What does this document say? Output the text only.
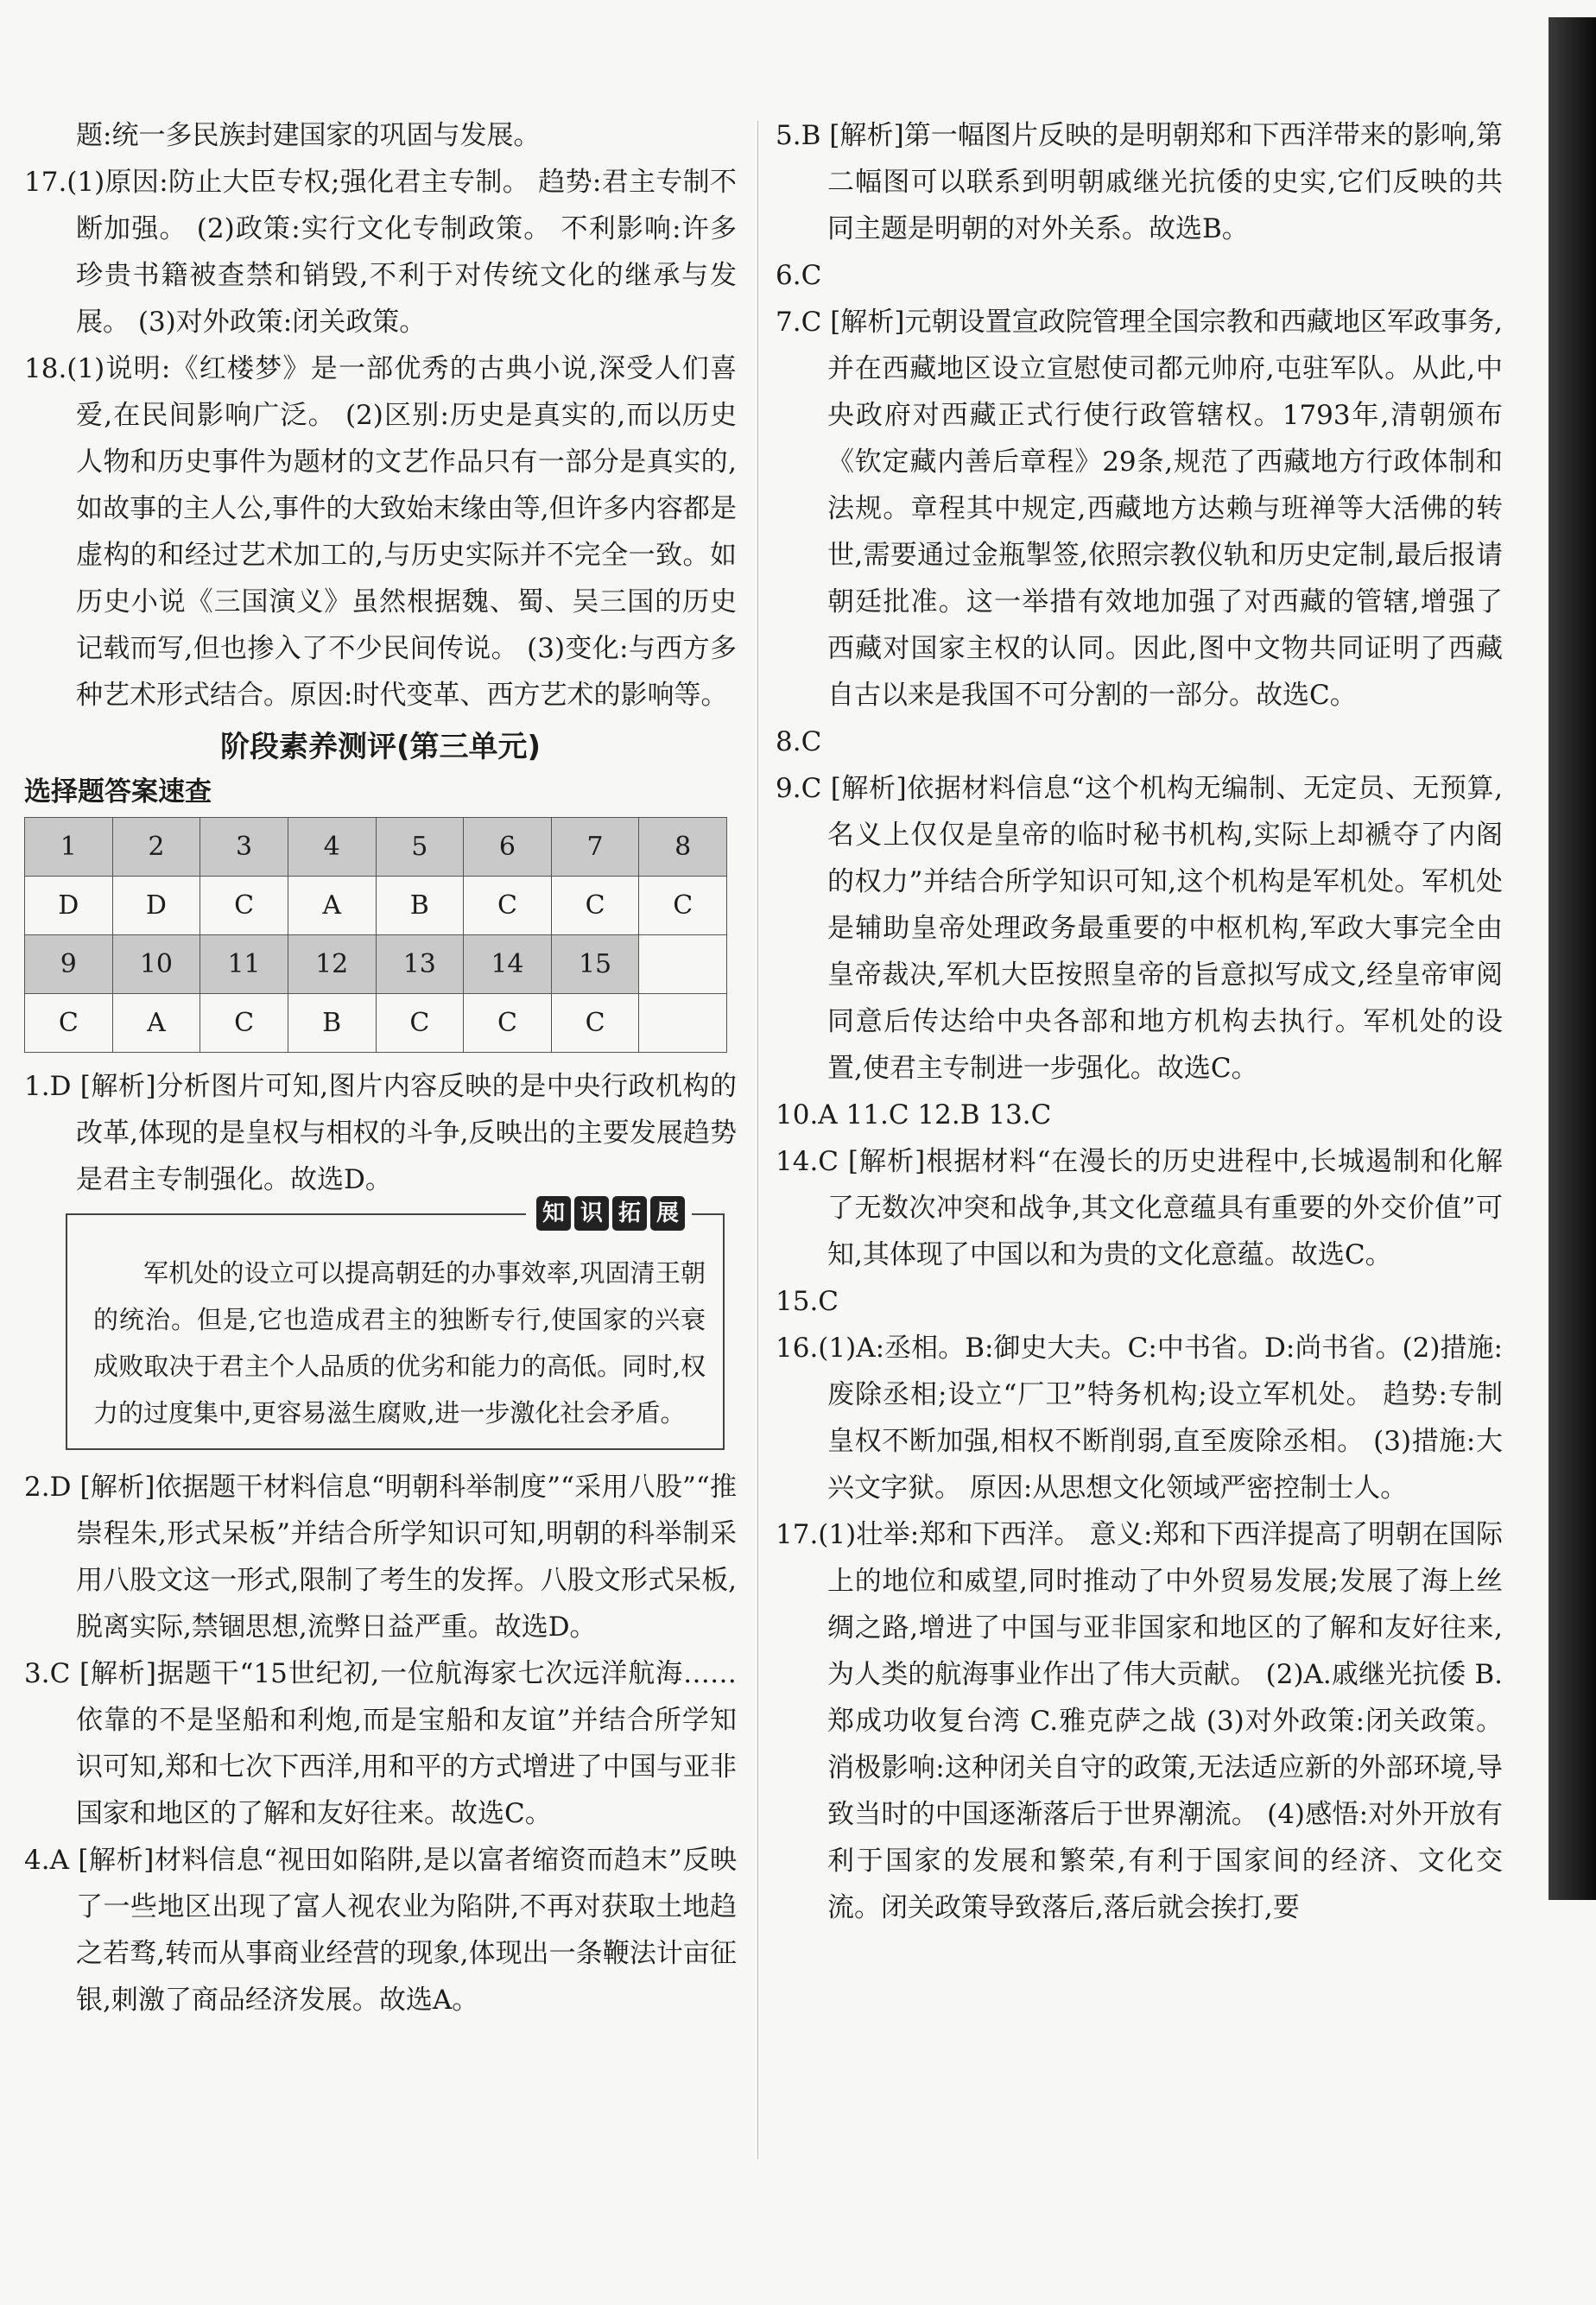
题:统一多民族封建国家的巩固与发展。

17.(1)原因:防止大臣专权;强化君主专制。 趋势:君主专制不断加强。 (2)政策:实行文化专制政策。 不利影响:许多珍贵书籍被查禁和销毁,不利于对传统文化的继承与发展。 (3)对外政策:闭关政策。

18.(1)说明:《红楼梦》是一部优秀的古典小说,深受人们喜爱,在民间影响广泛。 (2)区别:历史是真实的,而以历史人物和历史事件为题材的文艺作品只有一部分是真实的,如故事的主人公,事件的大致始末缘由等,但许多内容都是虚构的和经过艺术加工的,与历史实际并不完全一致。如历史小说《三国演义》虽然根据魏、蜀、吴三国的历史记载而写,但也掺入了不少民间传说。 (3)变化:与西方多种艺术形式结合。原因:时代变革、西方艺术的影响等。

阶段素养测评(第三单元)
选择题答案速查
1	2	3	4	5	6	7	8
D	D	C	A	B	C	C	C
9	10	11	12	13	14	15	
C	A	C	B	C	C	C	

1.D [解析]分析图片可知,图片内容反映的是中央行政机构的改革,体现的是皇权与相权的斗争,反映出的主要发展趋势是君主专制强化。故选D。

知 识 拓 展

军机处的设立可以提高朝廷的办事效率,巩固清王朝的统治。但是,它也造成君主的独断专行,使国家的兴衰成败取决于君主个人品质的优劣和能力的高低。同时,权力的过度集中,更容易滋生腐败,进一步激化社会矛盾。

2.D [解析]依据题干材料信息“明朝科举制度”“采用八股”“推崇程朱,形式呆板”并结合所学知识可知,明朝的科举制采用八股文这一形式,限制了考生的发挥。八股文形式呆板,脱离实际,禁锢思想,流弊日益严重。故选D。

3.C [解析]据题干“15世纪初,一位航海家七次远洋航海……依靠的不是坚船和利炮,而是宝船和友谊”并结合所学知识可知,郑和七次下西洋,用和平的方式增进了中国与亚非国家和地区的了解和友好往来。故选C。

4.A [解析]材料信息“视田如陷阱,是以富者缩资而趋末”反映了一些地区出现了富人视农业为陷阱,不再对获取土地趋之若骛,转而从事商业经营的现象,体现出一条鞭法计亩征银,刺激了商品经济发展。故选A。

5.B [解析]第一幅图片反映的是明朝郑和下西洋带来的影响,第二幅图可以联系到明朝戚继光抗倭的史实,它们反映的共同主题是明朝的对外关系。故选B。

6.C

7.C [解析]元朝设置宣政院管理全国宗教和西藏地区军政事务,并在西藏地区设立宣慰使司都元帅府,屯驻军队。从此,中央政府对西藏正式行使行政管辖权。1793年,清朝颁布《钦定藏内善后章程》29条,规范了西藏地方行政体制和法规。章程其中规定,西藏地方达赖与班禅等大活佛的转世,需要通过金瓶掣签,依照宗教仪轨和历史定制,最后报请朝廷批准。这一举措有效地加强了对西藏的管辖,增强了西藏对国家主权的认同。因此,图中文物共同证明了西藏自古以来是我国不可分割的一部分。故选C。

8.C

9.C [解析]依据材料信息“这个机构无编制、无定员、无预算,名义上仅仅是皇帝的临时秘书机构,实际上却褫夺了内阁的权力”并结合所学知识可知,这个机构是军机处。军机处是辅助皇帝处理政务最重要的中枢机构,军政大事完全由皇帝裁决,军机大臣按照皇帝的旨意拟写成文,经皇帝审阅同意后传达给中央各部和地方机构去执行。军机处的设置,使君主专制进一步强化。故选C。

10.A 11.C 12.B 13.C

14.C [解析]根据材料“在漫长的历史进程中,长城遏制和化解了无数次冲突和战争,其文化意蕴具有重要的外交价值”可知,其体现了中国以和为贵的文化意蕴。故选C。

15.C

16.(1)A:丞相。B:御史大夫。C:中书省。D:尚书省。(2)措施:废除丞相;设立“厂卫”特务机构;设立军机处。 趋势:专制皇权不断加强,相权不断削弱,直至废除丞相。 (3)措施:大兴文字狱。 原因:从思想文化领域严密控制士人。

17.(1)壮举:郑和下西洋。 意义:郑和下西洋提高了明朝在国际上的地位和威望,同时推动了中外贸易发展;发展了海上丝绸之路,增进了中国与亚非国家和地区的了解和友好往来,为人类的航海事业作出了伟大贡献。 (2)A.戚继光抗倭 B.郑成功收复台湾 C.雅克萨之战 (3)对外政策:闭关政策。 消极影响:这种闭关自守的政策,无法适应新的外部环境,导致当时的中国逐渐落后于世界潮流。 (4)感悟:对外开放有利于国家的发展和繁荣,有利于国家间的经济、文化交流。闭关政策导致落后,落后就会挨打,要
